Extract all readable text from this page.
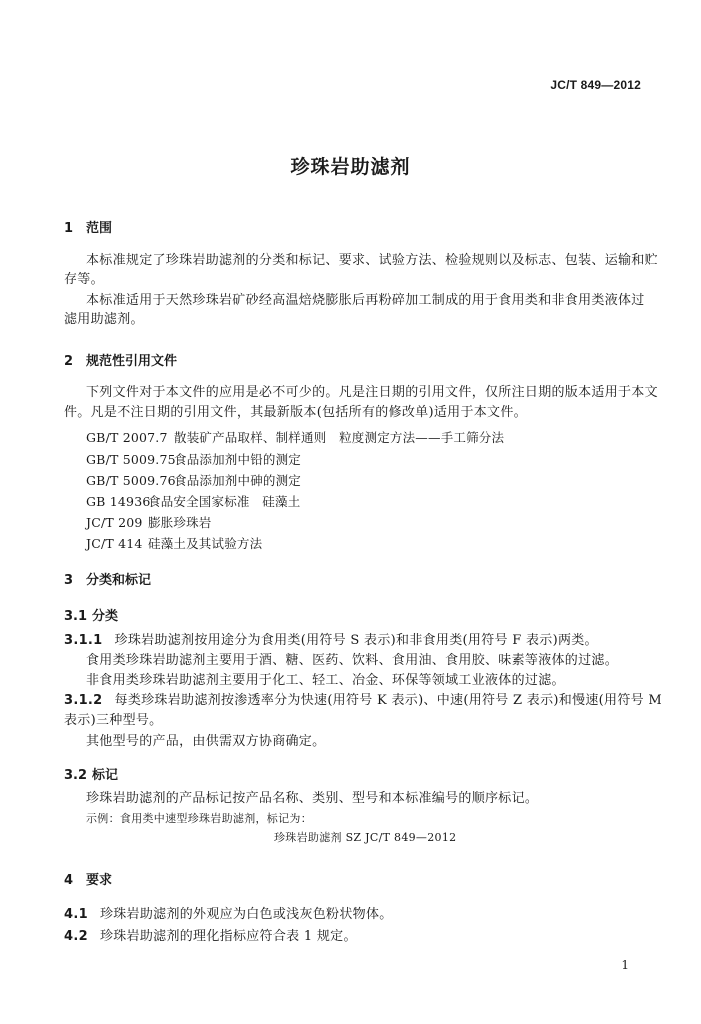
JC/T 849—2012
珍珠岩助滤剂
1 范围
本标准规定了珍珠岩助滤剂的分类和标记、要求、试验方法、检验规则以及标志、包装、运输和贮
存等。
本标准适用于天然珍珠岩矿砂经高温焙烧膨胀后再粉碎加工制成的用于食用类和非食用类液体过
滤用助滤剂。
2 规范性引用文件
下列文件对于本文件的应用是必不可少的。凡是注日期的引用文件，仅所注日期的版本适用于本文
件。凡是不注日期的引用文件，其最新版本(包括所有的修改单)适用于本文件。
GB/T 2007.7 散装矿产品取样、制样通则　粒度测定方法——手工筛分法
GB/T 5009.75食品添加剂中铅的测定
GB/T 5009.76食品添加剂中砷的测定
GB 14936食品安全国家标准　硅藻土
JC/T 209 膨胀珍珠岩
JC/T 414 硅藻土及其试验方法
3 分类和标记
3.1 分类
3.1.1 珍珠岩助滤剂按用途分为食用类(用符号 S 表示)和非食用类(用符号 F 表示)两类。
食用类珍珠岩助滤剂主要用于酒、糖、医药、饮料、食用油、食用胶、味素等液体的过滤。
非食用类珍珠岩助滤剂主要用于化工、轻工、冶金、环保等领域工业液体的过滤。
3.1.2 每类珍珠岩助滤剂按渗透率分为快速(用符号 K 表示)、中速(用符号 Z 表示)和慢速(用符号 M
表示)三种型号。
其他型号的产品，由供需双方协商确定。
3.2 标记
珍珠岩助滤剂的产品标记按产品名称、类别、型号和本标准编号的顺序标记。
示例：食用类中速型珍珠岩助滤剂，标记为：
珍珠岩助滤剂 SZ JC/T 849—2012
4 要求
4.1 珍珠岩助滤剂的外观应为白色或浅灰色粉状物体。
4.2 珍珠岩助滤剂的理化指标应符合表 1 规定。
1
